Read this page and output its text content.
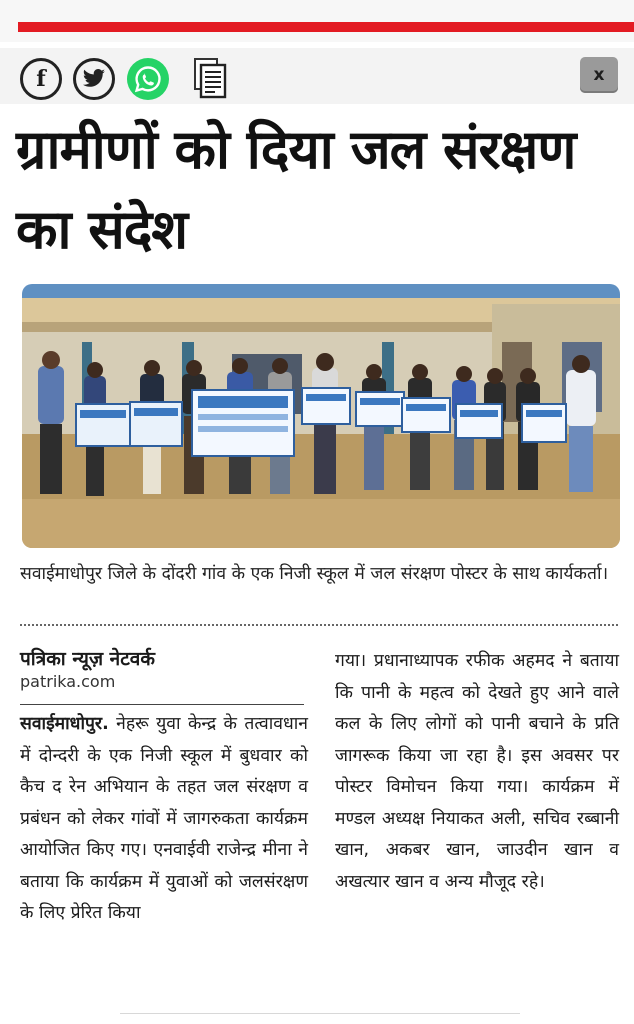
f	x
ग्रामीणों को दिया जल संरक्षण का संदेश

सवाईमाधोपुर जिले के दोंदरी गांव के एक निजी स्कूल में जल संरक्षण पोस्टर के साथ कार्यकर्ता।

पत्रिका न्यूज़ नेटवर्क

patrika.com

सवाईमाधोपुर. नेहरू युवा केन्द्र के तत्वावधान में दोन्दरी के एक निजी स्कूल में बुधवार को कैच द रेन अभियान के तहत जल संरक्षण व प्रबंधन को लेकर गांवों में जागरुकता कार्यक्रम आयोजित किए गए। एनवाईवी राजेन्द्र मीना ने बताया कि कार्यक्रम में युवाओं को जलसंरक्षण के लिए प्रेरित किया

गया। प्रधानाध्यापक रफीक अहमद ने बताया कि पानी के महत्व को देखते हुए आने वाले कल के लिए लोगों को पानी बचाने के प्रति जागरूक किया जा रहा है। इस अवसर पर पोस्टर विमोचन किया गया। कार्यक्रम में मण्डल अध्यक्ष नियाकत अली, सचिव रब्बानी खान, अकबर खान, जाउदीन खान व अखत्यार खान व अन्य मौजूद रहे।
